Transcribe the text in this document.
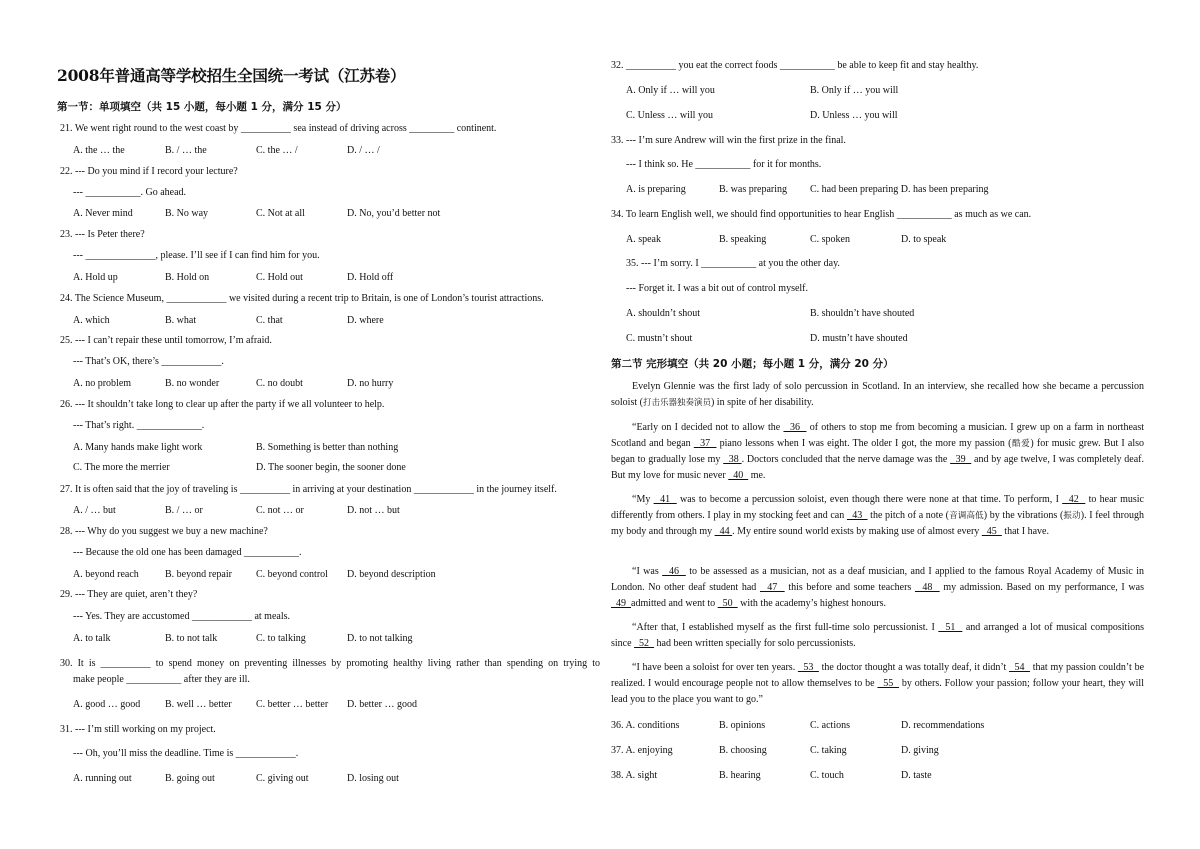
2008年普通高等学校招生全国统一考试（江苏卷）
第一节：单项填空（共 15 小题，每小题 1 分，满分 15 分）
21. We went right round to the west coast by __________ sea instead of driving across _________ continent.
A. the … the	B. / … the	C. the … /	D. / … /
22. --- Do you mind if I record your lecture?
--- ___________. Go ahead.
A. Never mind	B. No way	C. Not at all	D. No, you’d better not
23. --- Is Peter there?
--- ______________, please. I’ll see if I can find him for you.
A. Hold up	B. Hold on	C. Hold out	D. Hold off
24. The Science Museum, ____________ we visited during a recent trip to Britain, is one of London’s tourist attractions.
A. which	B. what	C. that	D. where
25. --- I can’t repair these until tomorrow, I’m afraid.
--- That’s OK, there’s ____________.
A. no problem	B. no wonder	C. no doubt	D. no hurry
26. --- It shouldn’t take long to clear up after the party if we all volunteer to help.
--- That’s right. _____________.
A. Many hands make light work	B. Something is better than nothing
C. The more the merrier	D. The sooner begin, the sooner done
27. It is often said that the joy of traveling is __________ in arriving at your destination ____________ in the journey itself.
A. / … but	B. / … or	C. not … or	D. not … but
28. --- Why do you suggest we buy a new machine?
--- Because the old one has been damaged ___________.
A. beyond reach	B. beyond repair C. beyond control D. beyond description
29. --- They are quiet, aren’t they?
--- Yes. They are accustomed ____________ at meals.
A. to talk	B. to not talk	C. to talking	D. to not talking
30. It is __________ to spend money on preventing illnesses by promoting healthy living rather than spending on trying to
make people ___________ after they are ill.
A. good … good B. well … better C. better … better D. better … good
31. --- I’m still working on my project.
--- Oh, you’ll miss the deadline. Time is ____________.
A. running out	B. going out	C. giving out	D. losing out
32. __________ you eat the correct foods ___________ be able to keep fit and stay healthy.
A. Only if … will you	B. Only if … you will
C. Unless … will you	D. Unless … you will
33. --- I’m sure Andrew will win the first prize in the final.
--- I think so. He ___________ for it for months.
A. is preparing	B. was preparing C. had been preparing D. has been preparing
34. To learn English well, we should find opportunities to hear English ___________ as much as we can.
A. speak	B. speaking	C. spoken	D. to speak
35. --- I’m sorry. I ___________ at you the other day.
--- Forget it. I was a bit out of control myself.
A. shouldn’t shout	B. shouldn’t have shouted
C. mustn’t shout	D. mustn’t have shouted
第二节 完形填空（共 20 小题；每小题 1 分，满分 20 分）
Evelyn Glennie was the first lady of solo percussion in Scotland. In an interview, she recalled how she became a percussion soloist (打击乐器独奏演员) in spite of her disability.
“Early on I decided not to allow the   36   of others to stop me from becoming a musician. I grew up on a farm in northeast Scotland and began   37   piano lessons when I was eight. The older I got, the more my passion (酷爱) for music grew. But I also began to gradually lose my   38 . Doctors concluded that the nerve damage was the   39   and by age twelve, I was completely deaf. But my love for music never   40   me.
“My   41   was to become a percussion soloist, even though there were none at that time. To perform, I   42   to hear music differently from others. I play in my stocking feet and can   43   the pitch of a note (音调高低) by the vibrations (振动). I feel through my body and through my   44 . My entire sound world exists by making use of almost every   45   that I have.
“I was   46   to be assessed as a musician, not as a deaf musician, and I applied to the famous Royal Academy of Music in London. No other deaf student had   47   this before and some teachers   48   my admission. Based on my performance, I was   49  admitted and went to   50   with the academy’s highest honours.
“After that, I established myself as the first full-time solo percussionist. I   51   and arranged a lot of musical compositions since   52   had been written specially for solo percussionists.
“I have been a soloist for over ten years.   53   the doctor thought a was totally deaf, it didn’t   54   that my passion couldn’t be realized. I would encourage people not to allow themselves to be   55   by others. Follow your passion; follow your heart, they will lead you to the place you want to go.”
36. A. conditions	B. opinions	C. actions	D. recommendations
37. A. enjoying	B. choosing	C. taking	D. giving
38. A. sight	B. hearing	C. touch	D. taste
